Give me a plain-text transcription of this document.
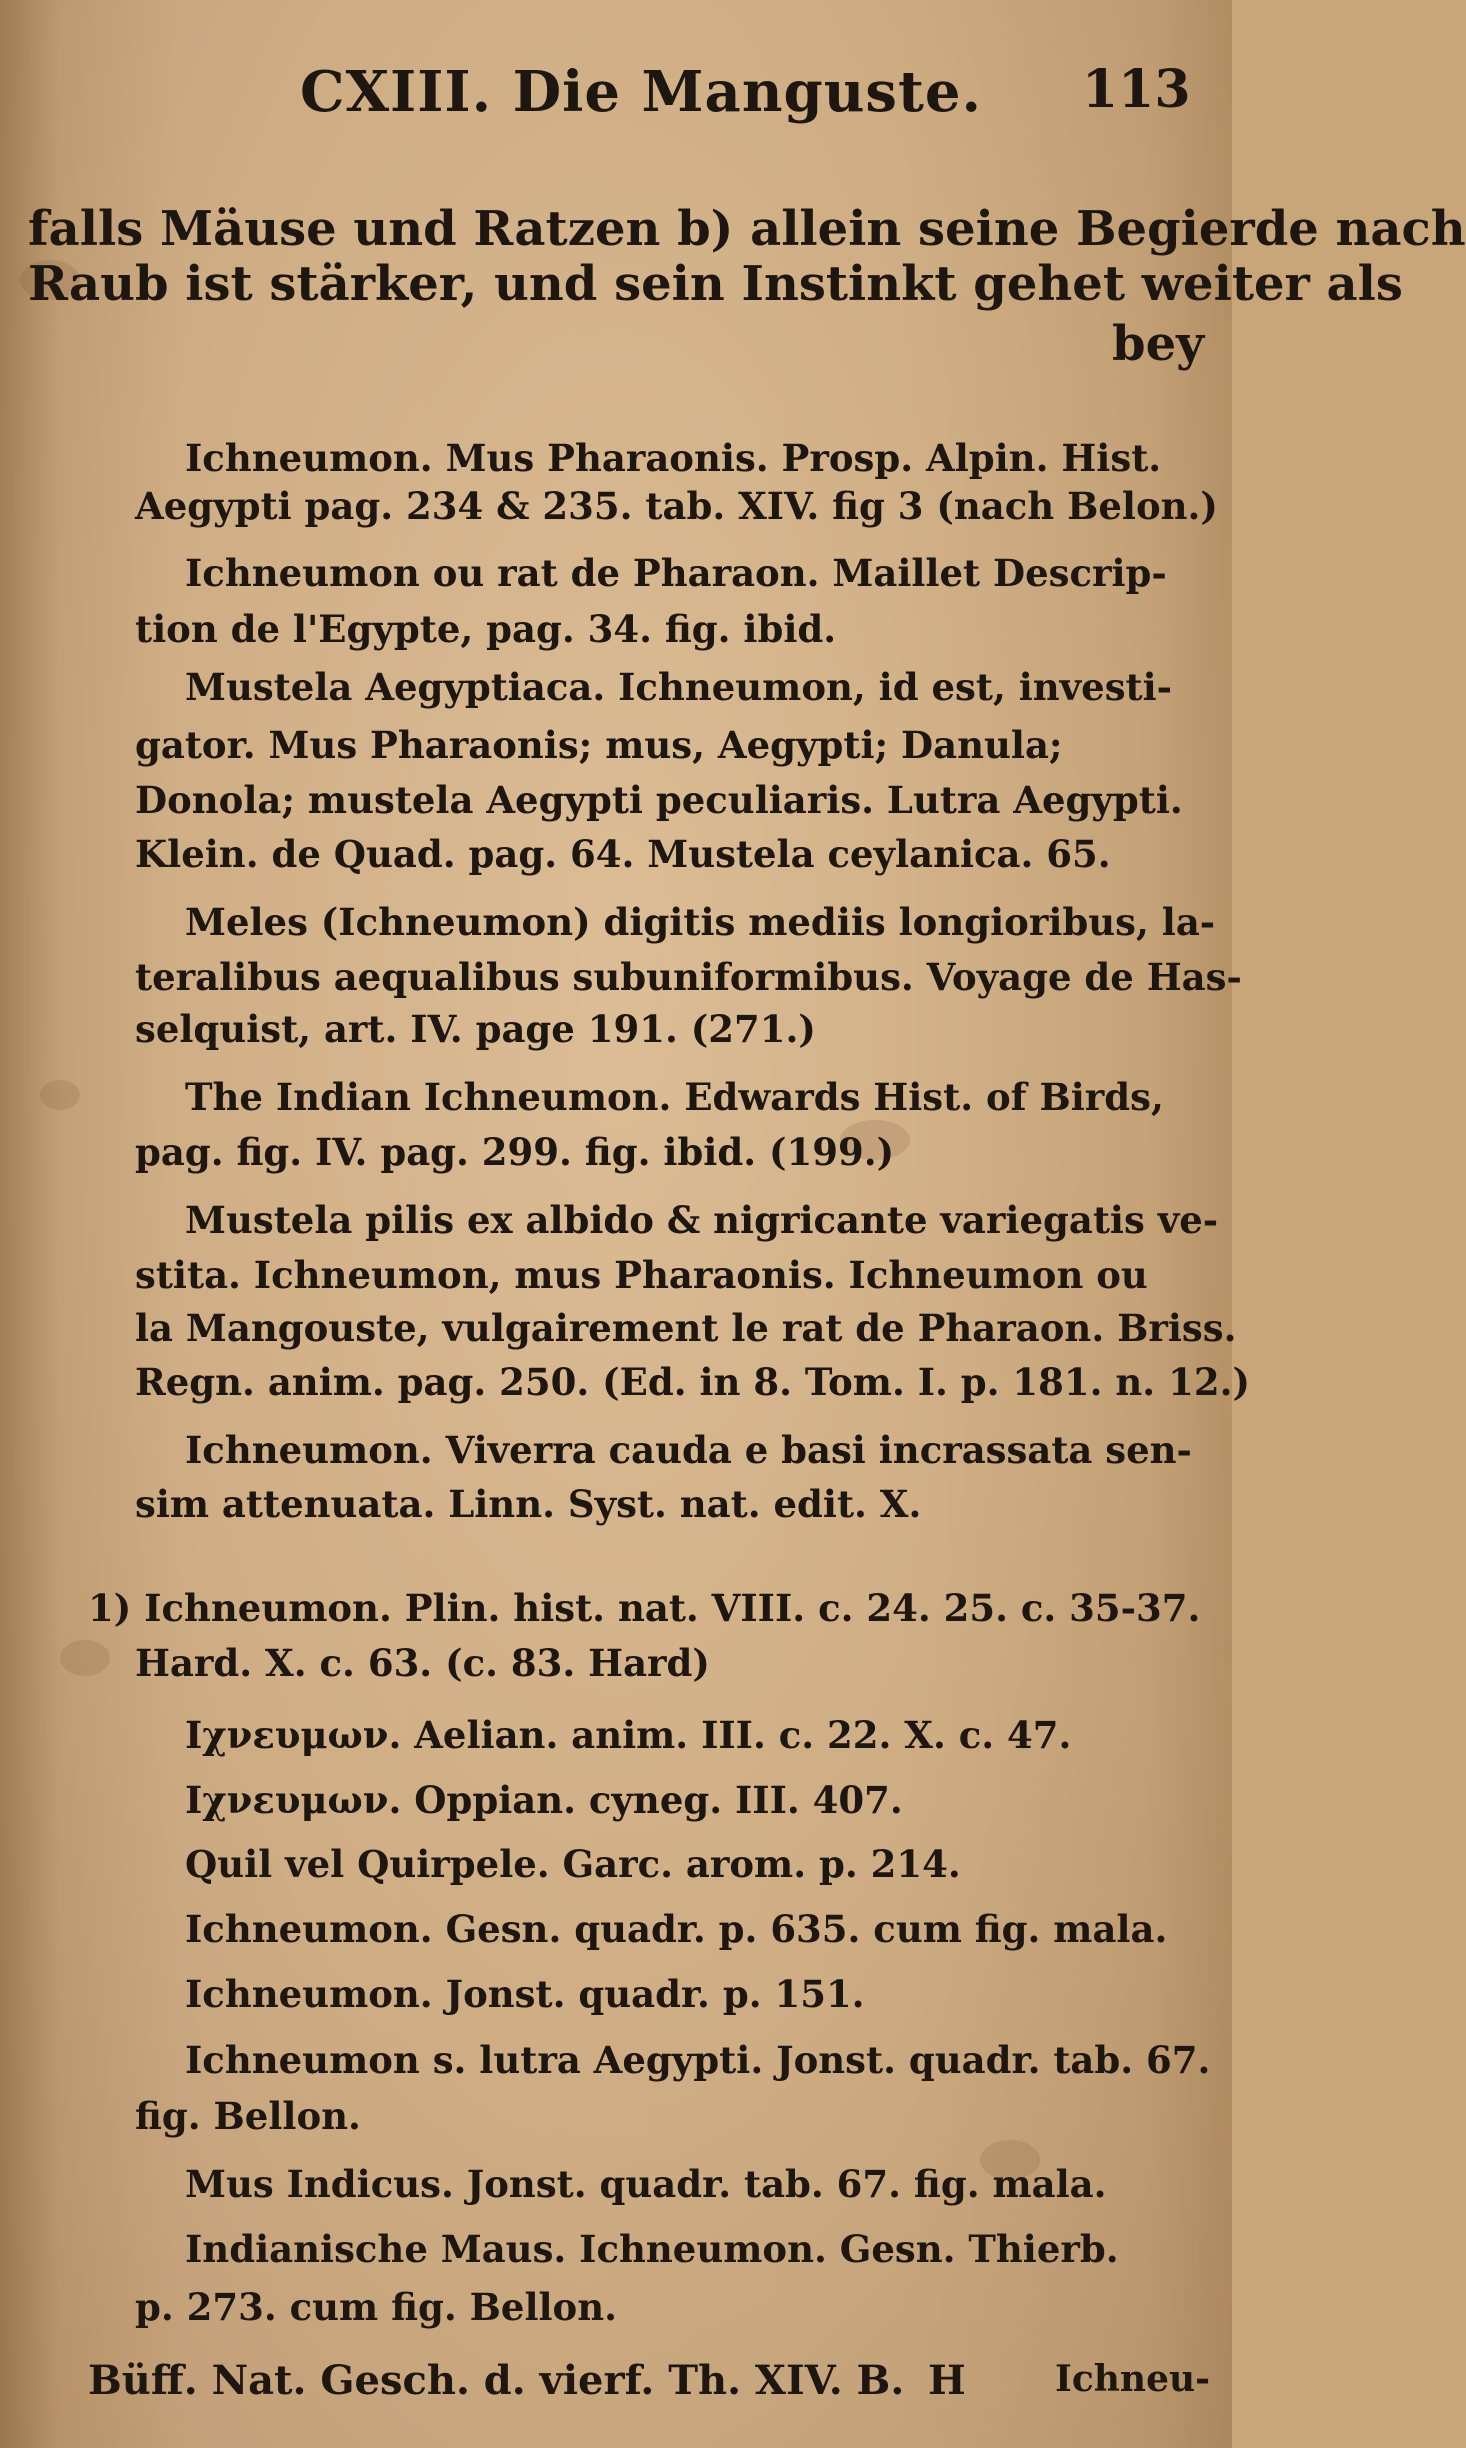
CXIII. Die Manguste. 113
falls Mäuse und Ratzen b) allein seine Begierde nach
Raub ist stärker, und sein Instinkt gehet weiter als
bey
Ichneumon. Mus Pharaonis. Prosp. Alpin. Hist.
Aegypti pag. 234 & 235. tab. XIV. fig 3 (nach Belon.)
Ichneumon ou rat de Pharaon. Maillet Descrip-
tion de l'Egypte, pag. 34. fig. ibid.
Mustela Aegyptiaca. Ichneumon, id est, investi-
gator. Mus Pharaonis; mus, Aegypti; Danula;
Donola; mustela Aegypti peculiaris. Lutra Aegypti.
Klein. de Quad. pag. 64. Mustela ceylanica. 65.
Meles (Ichneumon) digitis mediis longioribus, la-
teralibus aequalibus subuniformibus. Voyage de Has-
selquist, art. IV. page 191. (271.)
The Indian Ichneumon. Edwards Hist. of Birds,
pag. fig. IV. pag. 299. fig. ibid. (199.)
Mustela pilis ex albido & nigricante variegatis ve-
stita. Ichneumon, mus Pharaonis. Ichneumon ou
la Mangouste, vulgairement le rat de Pharaon. Briss.
Regn. anim. pag. 250. (Ed. in 8. Tom. I. p. 181. n. 12.)
Ichneumon. Viverra cauda e basi incrassata sen-
sim attenuata. Linn. Syst. nat. edit. X.
1) Ichneumon. Plin. hist. nat. VIII. c. 24. 25. c. 35-37.
Hard. X. c. 63. (c. 83. Hard)
Ιχνευμων. Aelian. anim. III. c. 22. X. c. 47.
Ιχνευμων. Oppian. cyneg. III. 407.
Quil vel Quirpele. Garc. arom. p. 214.
Ichneumon. Gesn. quadr. p. 635. cum fig. mala.
Ichneumon. Jonst. quadr. p. 151.
Ichneumon s. lutra Aegypti. Jonst. quadr. tab. 67.
fig. Bellon.
Mus Indicus. Jonst. quadr. tab. 67. fig. mala.
Indianische Maus. Ichneumon. Gesn. Thierb.
p. 273. cum fig. Bellon.
Büff. Nat. Gesch. d. vierf. Th. XIV. B. H Ichneu-
